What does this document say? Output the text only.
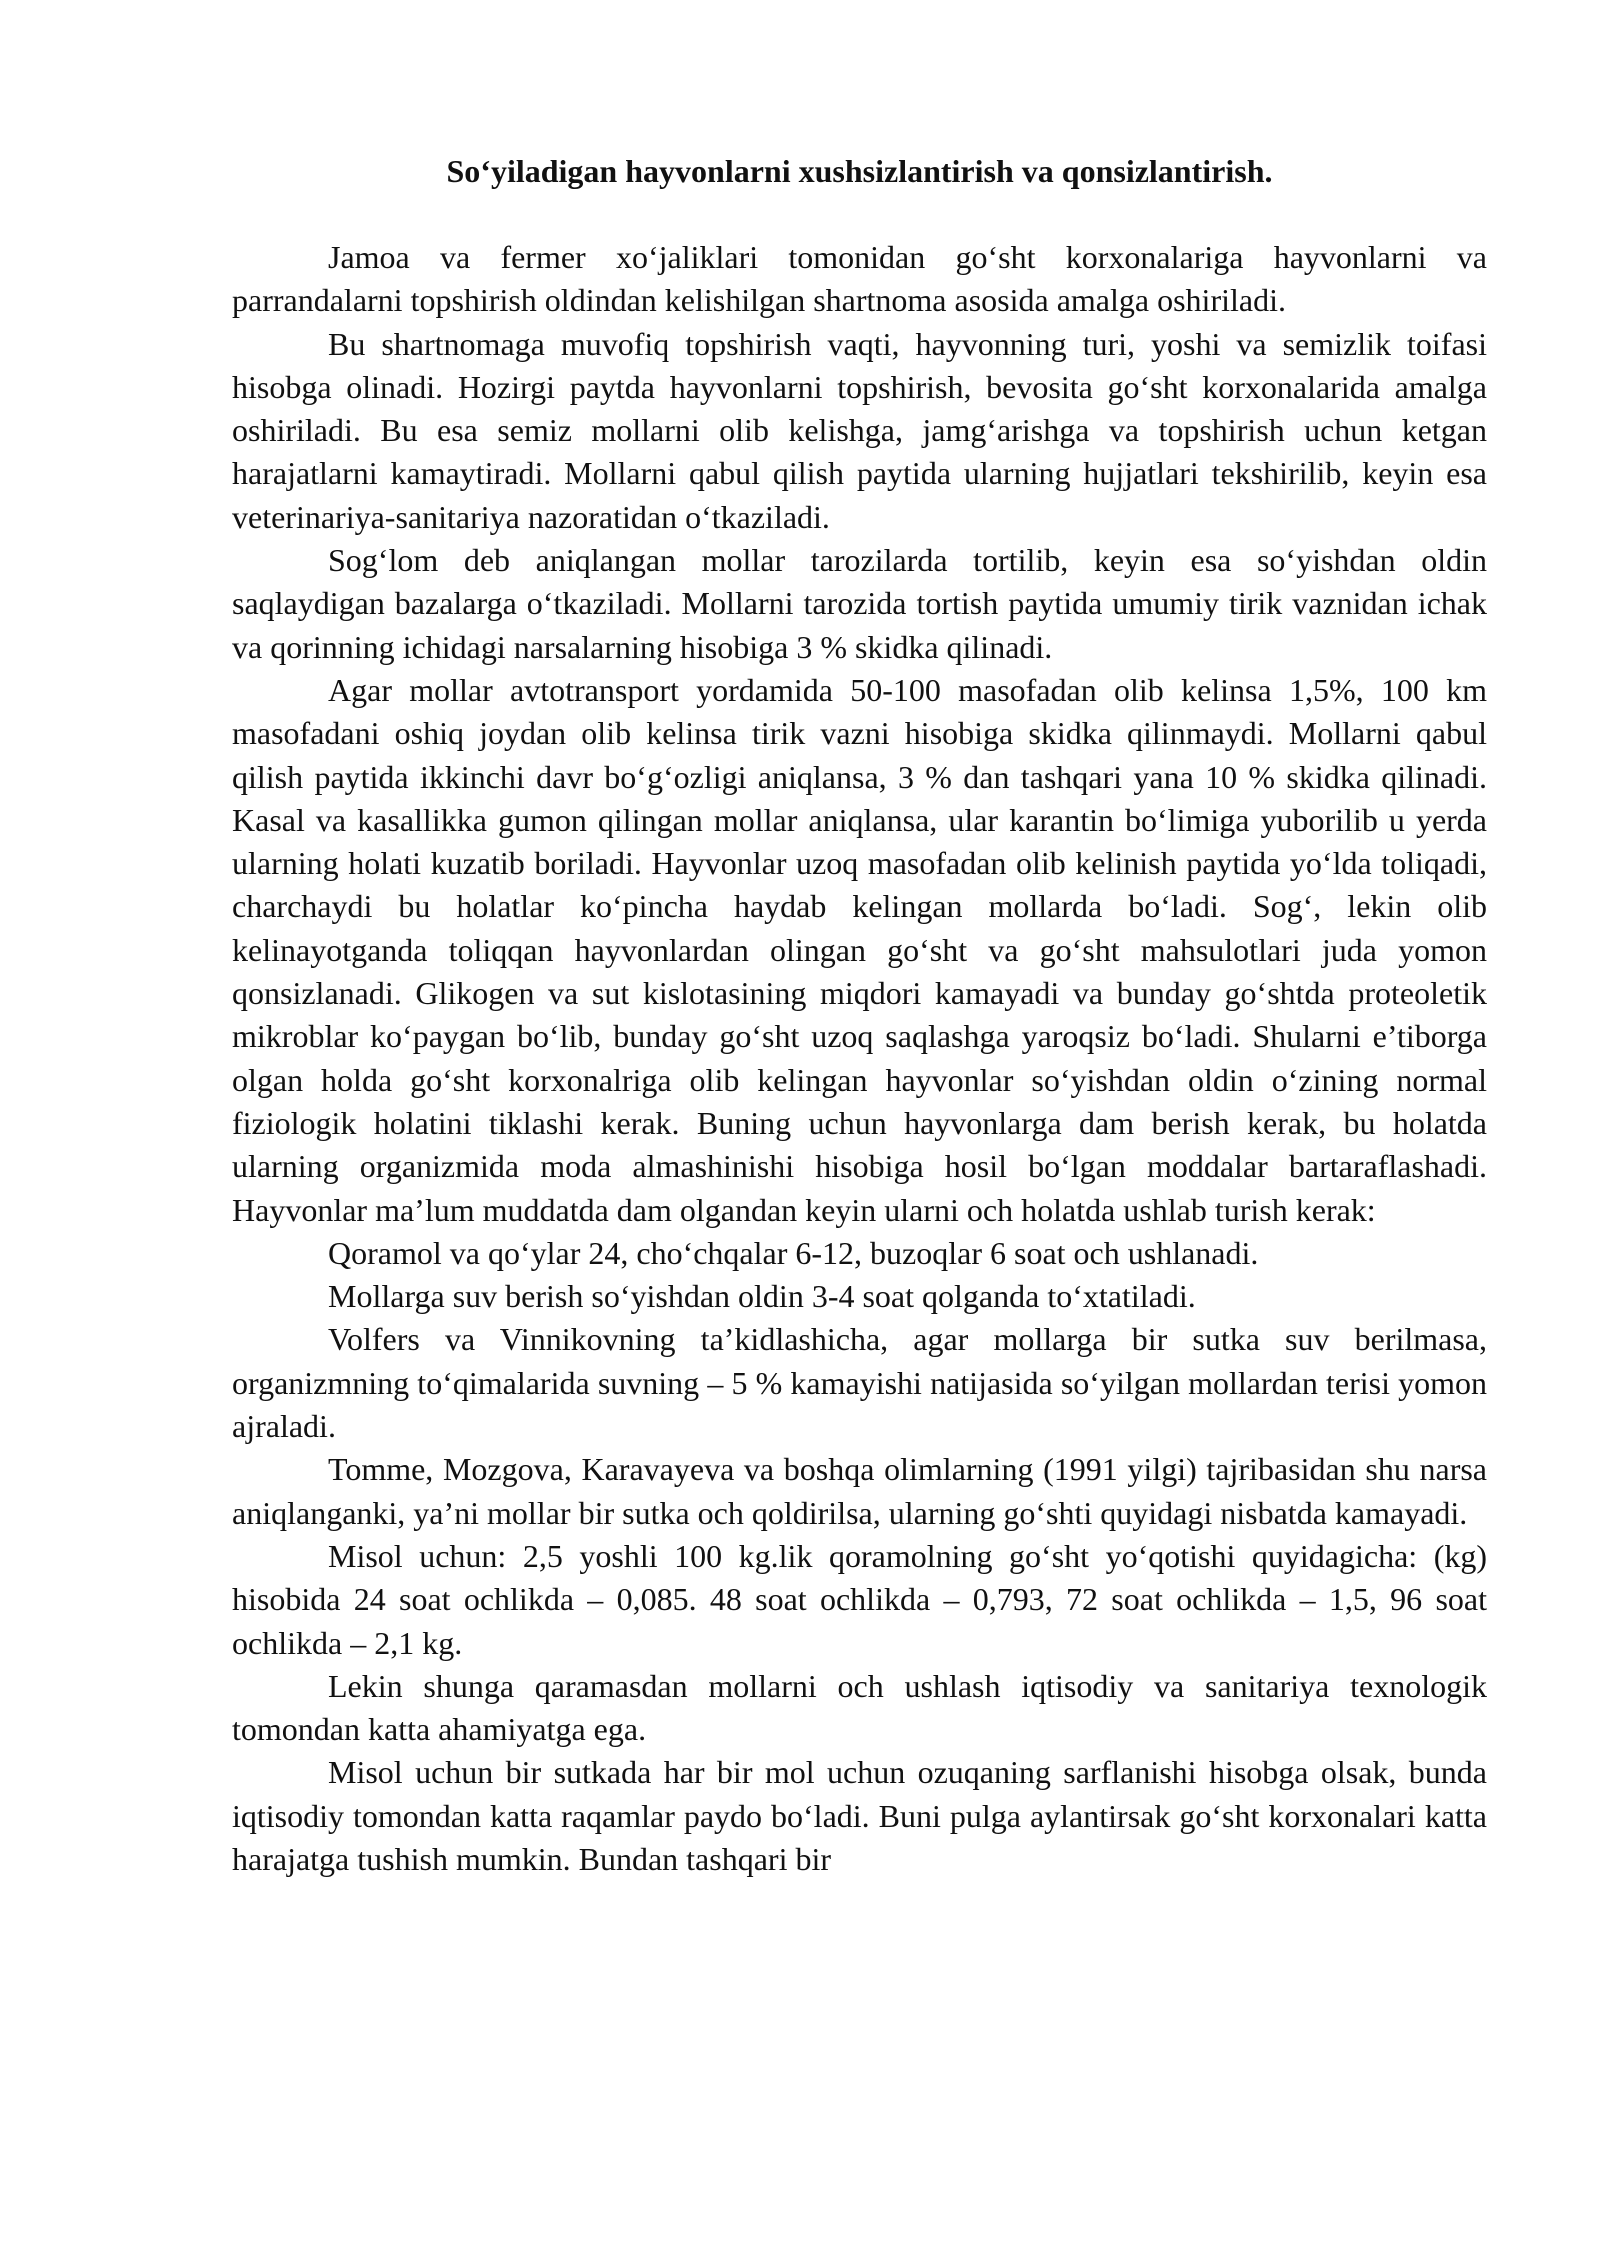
So‘yiladigan hayvonlarni xushsizlantirish va qonsizlantirish.

Jamoa va fermer xo‘jaliklari tomonidan go‘sht korxonalariga hayvonlarni va parrandalarni topshirish oldindan kelishilgan shartnoma asosida amalga oshiriladi.

Bu shartnomaga muvofiq topshirish vaqti, hayvonning turi, yoshi va semizlik toifasi hisobga olinadi. Hozirgi paytda hayvonlarni topshirish, bevosita go‘sht korxonalarida amalga oshiriladi. Bu esa semiz mollarni olib kelishga, jamg‘arishga va topshirish uchun ketgan harajatlarni kamaytiradi. Mollarni qabul qilish paytida ularning hujjatlari tekshirilib, keyin esa veterinariya-sanitariya nazoratidan o‘tkaziladi.

Sog‘lom deb aniqlangan mollar tarozilarda tortilib, keyin esa so‘yishdan oldin saqlaydigan bazalarga o‘tkaziladi. Mollarni tarozida tortish paytida umumiy tirik vaznidan ichak va qorinning ichidagi narsalarning hisobiga 3 % skidka qilinadi.

Agar mollar avtotransport yordamida 50-100 masofadan olib kelinsa 1,5%, 100 km masofadani oshiq joydan olib kelinsa tirik vazni hisobiga skidka qilinmaydi. Mollarni qabul qilish paytida ikkinchi davr bo‘g‘ozligi aniqlansa, 3 % dan tashqari yana 10 % skidka qilinadi. Kasal va kasallikka gumon qilingan mollar aniqlansa, ular karantin bo‘limiga yuborilib u yerda ularning holati kuzatib boriladi. Hayvonlar uzoq masofadan olib kelinish paytida yo‘lda toliqadi, charchaydi bu holatlar ko‘pincha haydab kelingan mollarda bo‘ladi. Sog‘, lekin olib kelinayotganda toliqqan hayvonlardan olingan go‘sht va go‘sht mahsulotlari juda yomon qonsizlanadi. Glikogen va sut kislotasining miqdori kamayadi va bunday go‘shtda proteoletik mikroblar ko‘paygan bo‘lib, bunday go‘sht uzoq saqlashga yaroqsiz bo‘ladi. Shularni e’tiborga olgan holda go‘sht korxonalriga olib kelingan hayvonlar so‘yishdan oldin o‘zining normal fiziologik holatini tiklashi kerak. Buning uchun hayvonlarga dam berish kerak, bu holatda ularning organizmida moda almashinishi hisobiga hosil bo‘lgan moddalar bartaraflashadi. Hayvonlar ma’lum muddatda dam olgandan keyin ularni och holatda ushlab turish kerak:

Qoramol va qo‘ylar 24, cho‘chqalar 6-12, buzoqlar 6 soat och ushlanadi.

Mollarga suv berish so‘yishdan oldin 3-4 soat qolganda to‘xtatiladi.

Volfers va Vinnikovning ta’kidlashicha, agar mollarga bir sutka suv berilmasa, organizmning to‘qimalarida suvning – 5 % kamayishi natijasida so‘yilgan mollardan terisi yomon ajraladi.

Tomme, Mozgova, Karavayeva va boshqa olimlarning (1991 yilgi) tajribasidan shu narsa aniqlanganki, ya’ni mollar bir sutka och qoldirilsa, ularning go‘shti quyidagi nisbatda kamayadi.

Misol uchun: 2,5 yoshli 100 kg.lik qoramolning go‘sht yo‘qotishi quyidagicha: (kg) hisobida 24 soat ochlikda – 0,085. 48 soat ochlikda – 0,793, 72 soat ochlikda – 1,5, 96 soat ochlikda – 2,1 kg.

Lekin shunga qaramasdan mollarni och ushlash iqtisodiy va sanitariya texnologik tomondan katta ahamiyatga ega.

Misol uchun bir sutkada har bir mol uchun ozuqaning sarflanishi hisobga olsak, bunda iqtisodiy tomondan katta raqamlar paydo bo‘ladi. Buni pulga aylantirsak go‘sht korxonalari katta harajatga tushish mumkin. Bundan tashqari bir
